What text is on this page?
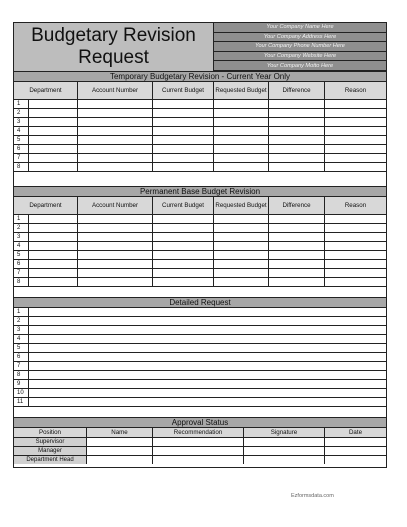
Budgetary Revision
Request
Your Company Name Here
Your Company Address Here
Your Company Phone Number Here
Your Company Website Here
Your Company Motto Here
Temporary Budgetary Revision - Current Year Only
Department	Account Number	Current Budget	Requested Budget	Difference	Reason
1
2
3
4
5
6
7
8
Permanent Base Budget Revision
Department	Account Number	Current Budget	Requested Budget	Difference	Reason
1
2
3
4
5
6
7
8
Detailed Request
1
2
3
4
5
6
7
8
9
10
11
Approval Status
Position	Name	Recommendation	Signature	Date
Supervisor
Manager
Department Head
Ezformsdata.com
